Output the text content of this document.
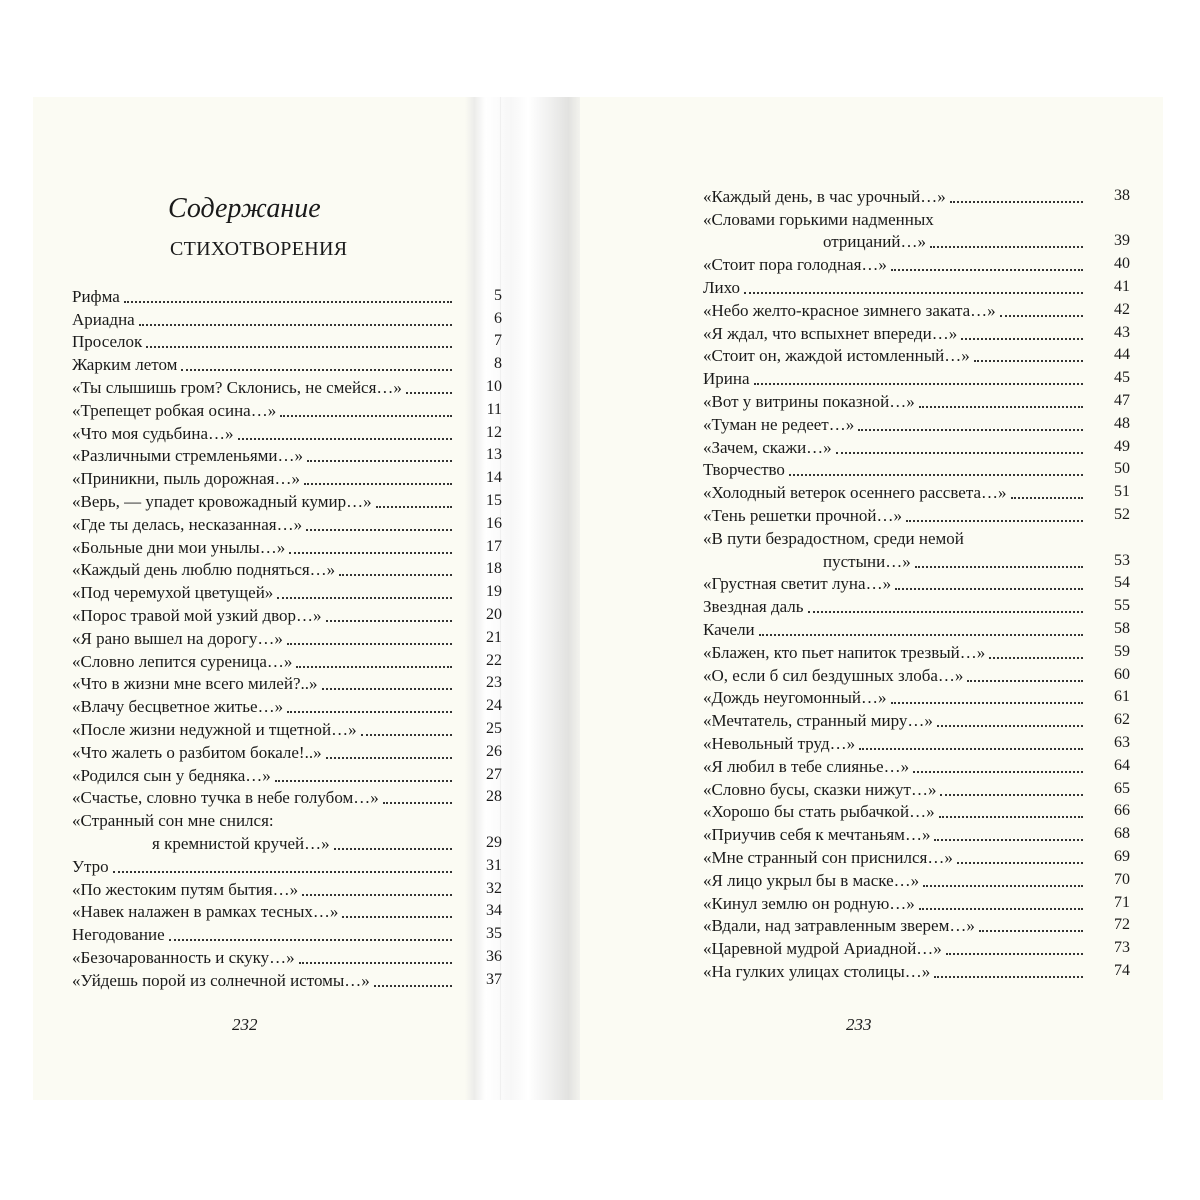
Содержание
СТИХОТВОРЕНИЯ
Рифма	5
Ариадна	6
Проселок	7
Жарким летом	8
«Ты слышишь гром? Склонись, не смейся…»	10
«Трепещет робкая осина…»	11
«Что моя судьбина…»	12
«Различными стремленьями…»	13
«Приникни, пыль дорожная…»	14
«Верь, — упадет кровожадный кумир…»	15
«Где ты делась, несказанная…»	16
«Больные дни мои унылы…»	17
«Каждый день люблю подняться…»	18
«Под черемухой цветущей»	19
«Порос травой мой узкий двор…»	20
«Я рано вышел на дорогу…»	21
«Словно лепится суреница…»	22
«Что в жизни мне всего милей?..»	23
«Влачу бесцветное житье…»	24
«После жизни недужной и тщетной…»	25
«Что жалеть о разбитом бокале!..»	26
«Родился сын у бедняка…»	27
«Счастье, словно тучка в небе голубом…»	28
«Странный сон мне снился:
я кремнистой кручей…»	29
Утро	31
«По жестоким путям бытия…»	32
«Навек налажен в рамках тесных…»	34
Негодование	35
«Безочарованность и скуку…»	36
«Уйдешь порой из солнечной истомы…»	37
«Каждый день, в час урочный…»	38
«Словами горькими надменных
отрицаний…»	39
«Стоит пора голодная…»	40
Лихо	41
«Небо желто-красное зимнего заката…»	42
«Я ждал, что вспыхнет впереди…»	43
«Стоит он, жаждой истомленный…»	44
Ирина	45
«Вот у витрины показной…»	47
«Туман не редеет…»	48
«Зачем, скажи…»	49
Творчество	50
«Холодный ветерок осеннего рассвета…»	51
«Тень решетки прочной…»	52
«В пути безрадостном, среди немой
пустыни…»	53
«Грустная светит луна…»	54
Звездная даль	55
Качели	58
«Блажен, кто пьет напиток трезвый…»	59
«О, если б сил бездушных злоба…»	60
«Дождь неугомонный…»	61
«Мечтатель, странный миру…»	62
«Невольный труд…»	63
«Я любил в тебе слиянье…»	64
«Словно бусы, сказки нижут…»	65
«Хорошо бы стать рыбачкой…»	66
«Приучив себя к мечтаньям…»	68
«Мне странный сон приснился…»	69
«Я лицо укрыл бы в маске…»	70
«Кинул землю он родную…»	71
«Вдали, над затравленным зверем…»	72
«Царевной мудрой Ариадной…»	73
«На гулких улицах столицы…»	74
232	233
